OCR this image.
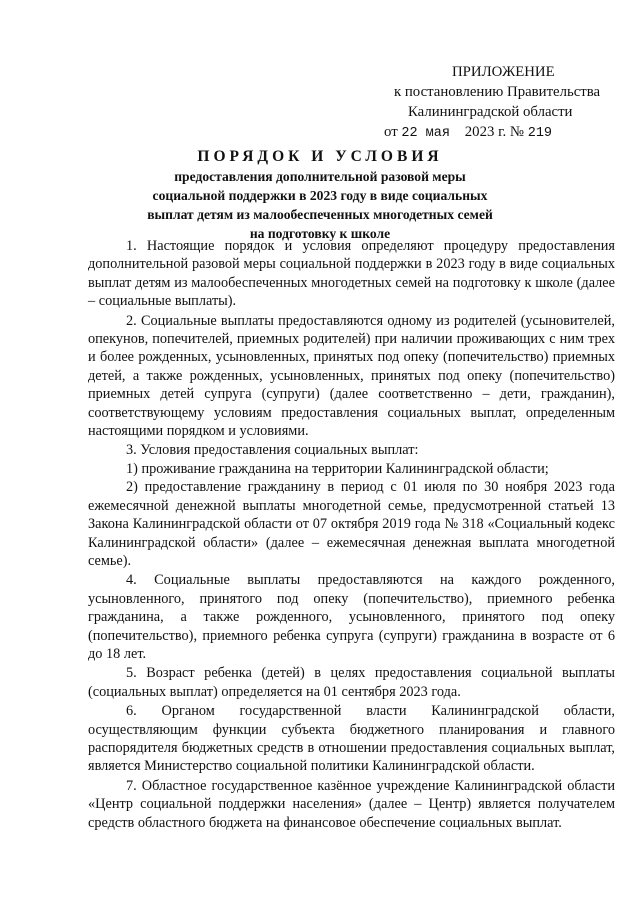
ПРИЛОЖЕНИЕ
к постановлению Правительства
Калининградской области
от 22 мая 2023 г. № 219
ПОРЯДОК И УСЛОВИЯ
предоставления дополнительной разовой меры социальной поддержки в 2023 году в виде социальных выплат детям из малообеспеченных многодетных семей на подготовку к школе

1. Настоящие порядок и условия определяют процедуру предоставления дополнительной разовой меры социальной поддержки в 2023 году в виде социальных выплат детям из малообеспеченных многодетных семей на подготовку к школе (далее – социальные выплаты).

2. Социальные выплаты предоставляются одному из родителей (усыновителей, опекунов, попечителей, приемных родителей) при наличии проживающих с ним трех и более рожденных, усыновленных, принятых под опеку (попечительство) приемных детей, а также рожденных, усыновленных, принятых под опеку (попечительство) приемных детей супруга (супруги) (далее соответственно – дети, гражданин), соответствующему условиям предоставления социальных выплат, определенным настоящими порядком и условиями.

3. Условия предоставления социальных выплат:

1) проживание гражданина на территории Калининградской области;

2) предоставление гражданину в период с 01 июля по 30 ноября 2023 года ежемесячной денежной выплаты многодетной семье, предусмотренной статьей 13 Закона Калининградской области от 07 октября 2019 года № 318 «Социальный кодекс Калининградской области» (далее – ежемесячная денежная выплата многодетной семье).

4. Социальные выплаты предоставляются на каждого рожденного, усыновленного, принятого под опеку (попечительство), приемного ребенка гражданина, а также рожденного, усыновленного, принятого под опеку (попечительство), приемного ребенка супруга (супруги) гражданина в возрасте от 6 до 18 лет.

5. Возраст ребенка (детей) в целях предоставления социальной выплаты (социальных выплат) определяется на 01 сентября 2023 года.

6. Органом государственной власти Калининградской области, осуществляющим функции субъекта бюджетного планирования и главного распорядителя бюджетных средств в отношении предоставления социальных выплат, является Министерство социальной политики Калининградской области.

7. Областное государственное казённое учреждение Калининградской области «Центр социальной поддержки населения» (далее – Центр) является получателем средств областного бюджета на финансовое обеспечение социальных выплат.
